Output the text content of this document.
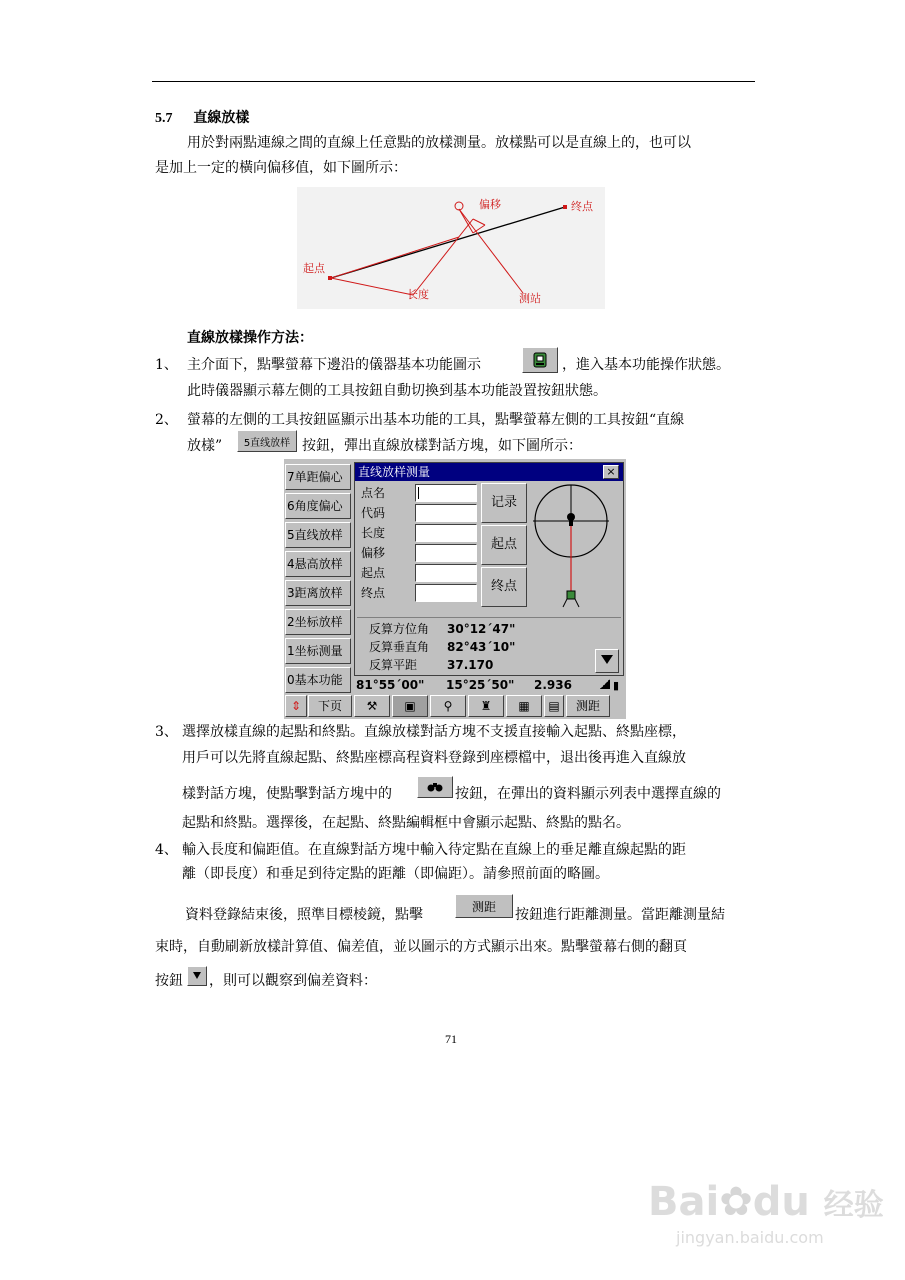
5.7 直線放樣
用於對兩點連線之間的直線上任意點的放樣測量。放樣點可以是直線上的，也可以
是加上一定的橫向偏移值，如下圖所示：
起点
终点
偏移
长度	测站
直線放樣操作方法：
1、 主介面下，點擊螢幕下邊沿的儀器基本功能圖示	，進入基本功能操作狀態。
此時儀器顯示幕左側的工具按鈕自動切換到基本功能設置按鈕狀態。
2、 螢幕的左側的工具按鈕區顯示出基本功能的工具，點擊螢幕左側的工具按鈕“直線
放樣”	5直线放样 按鈕，彈出直線放樣對話方塊，如下圖所示：
7单距偏心
6角度偏心
5直线放样
4悬高放样
3距离放样
2坐标放样
1坐标测量
0基本功能
直线放样测量	×
点名
代码
长度
偏移
起点
终点
记录
起点
终点
反算方位角 30°12´47"
反算垂直角 82°43´10"
反算平距 37.170
81°55´00" 15°25´50" 2.936	▮
⇕	下页	⚒	▣	⚲	♜	▦	▤	测距
3、 選擇放樣直線的起點和終點。直線放樣對話方塊不支援直接輸入起點、終點座標，
用戶可以先將直線起點、終點座標高程資料登錄到座標檔中，退出後再進入直線放
樣對話方塊，使點擊對話方塊中的	按鈕，在彈出的資料顯示列表中選擇直線的
起點和終點。選擇後，在起點、終點編輯框中會顯示起點、終點的點名。
4、 輸入長度和偏距值。在直線對話方塊中輸入待定點在直線上的垂足離直線起點的距
離（即長度）和垂足到待定點的距離（即偏距）。請參照前面的略圖。
資料登錄結束後，照準目標棱鏡，點擊
测距
按鈕進行距離測量。當距離測量結
束時，自動刷新放樣計算值、偏差值，並以圖示的方式顯示出來。點擊螢幕右側的翻頁
按鈕 ，則可以觀察到偏差資料：
71
Bai✿du 经验
jingyan.baidu.com
